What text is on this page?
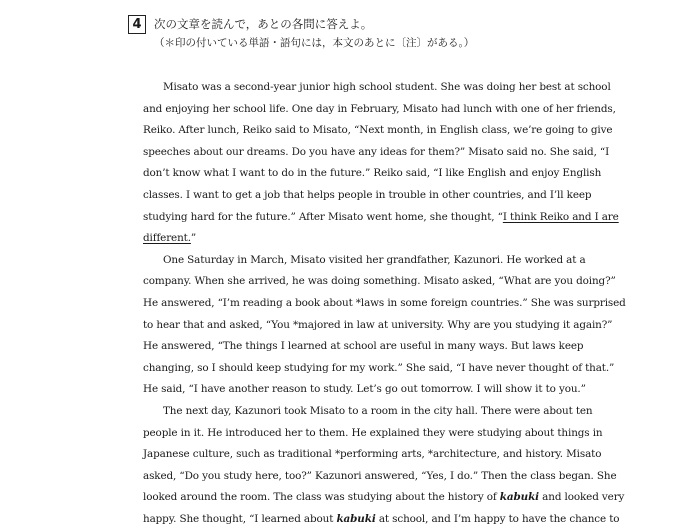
4	次の文章を読んで，あとの各問に答えよ。
（＊印の付いている単語・語句には，本文のあとに〔注〕がある。）
Misato was a second-year junior high school student. She was doing her best at school
and enjoying her school life. One day in February, Misato had lunch with one of her friends,
Reiko. After lunch, Reiko said to Misato, “Next month, in English class, we’re going to give
speeches about our dreams. Do you have any ideas for them?” Misato said no. She said, “I
don’t know what I want to do in the future.” Reiko said, “I like English and enjoy English
classes. I want to get a job that helps people in trouble in other countries, and I’ll keep
studying hard for the future.” After Misato went home, she thought, “I think Reiko and I are
different.”
One Saturday in March, Misato visited her grandfather, Kazunori. He worked at a
company. When she arrived, he was doing something. Misato asked, “What are you doing?”
He answered, “I’m reading a book about *laws in some foreign countries.” She was surprised
to hear that and asked, “You *majored in law at university. Why are you studying it again?”
He answered, “The things I learned at school are useful in many ways. But laws keep
changing, so I should keep studying for my work.” She said, “I have never thought of that.”
He said, “I have another reason to study. Let’s go out tomorrow. I will show it to you.”
The next day, Kazunori took Misato to a room in the city hall. There were about ten
people in it. He introduced her to them. He explained they were studying about things in
Japanese culture, such as traditional *performing arts, *architecture, and history. Misato
asked, “Do you study here, too?” Kazunori answered, “Yes, I do.” Then the class began. She
looked around the room. The class was studying about the history of kabuki and looked very
happy. She thought, “I learned about kabuki at school, and I’m happy to have the chance to
